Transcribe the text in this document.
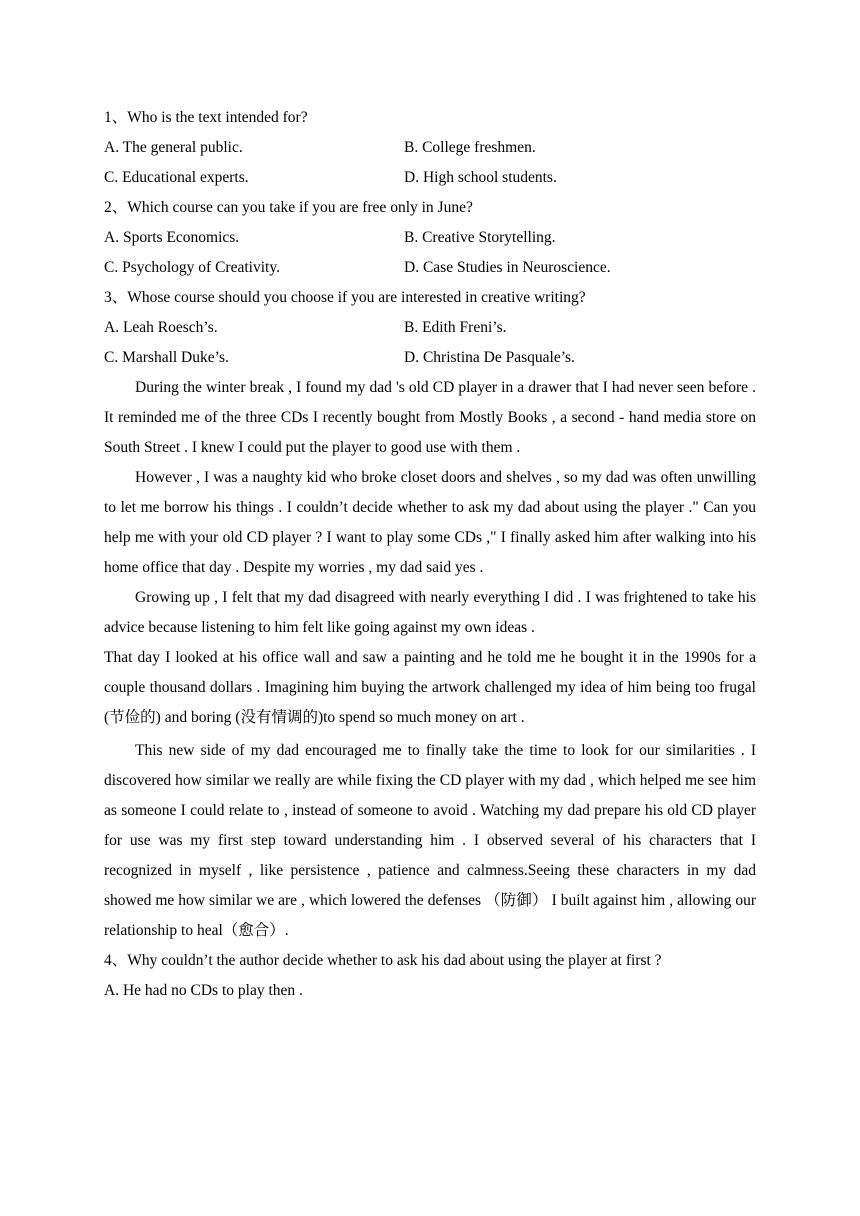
1、Who is the text intended for?

A. The general public.	B. College freshmen.
C. Educational experts.	D. High school students.

2、Which course can you take if you are free only in June?

A. Sports Economics.	B. Creative Storytelling.
C. Psychology of Creativity.	D. Case Studies in Neuroscience.

3、Whose course should you choose if you are interested in creative writing?

A. Leah Roesch’s.	B. Edith Freni’s.
C. Marshall Duke’s.	D. Christina De Pasquale’s.

During the winter break , I found my dad 's old CD player in a drawer that I had never seen before . It reminded me of the three CDs I recently bought from Mostly Books , a second - hand media store on South Street . I knew I could put the player to good use with them .

However , I was a naughty kid who broke closet doors and shelves , so my dad was often unwilling to let me borrow his things . I couldn’t decide whether to ask my dad about using the player ." Can you help me with your old CD player ? I want to play some CDs ," I finally asked him after walking into his home office that day . Despite my worries , my dad said yes .

Growing up , I felt that my dad disagreed with nearly everything I did . I was frightened to take his advice because listening to him felt like going against my own ideas .

That day I looked at his office wall and saw a painting and he told me he bought it in the 1990s for a couple thousand dollars . Imagining him buying the artwork challenged my idea of him being too frugal (节俭的) and boring (没有情调的)to spend so much money on art .

This new side of my dad encouraged me to finally take the time to look for our similarities . I discovered how similar we really are while fixing the CD player with my dad , which helped me see him as someone I could relate to , instead of someone to avoid . Watching my dad prepare his old CD player for use was my first step toward understanding him . I observed several of his characters that I recognized in myself , like persistence , patience and calmness.Seeing these characters in my dad showed me how similar we are , which lowered the defenses （防御） I built against him , allowing our relationship to heal（愈合）.

4、Why couldn’t the author decide whether to ask his dad about using the player at first ?

A. He had no CDs to play then .
